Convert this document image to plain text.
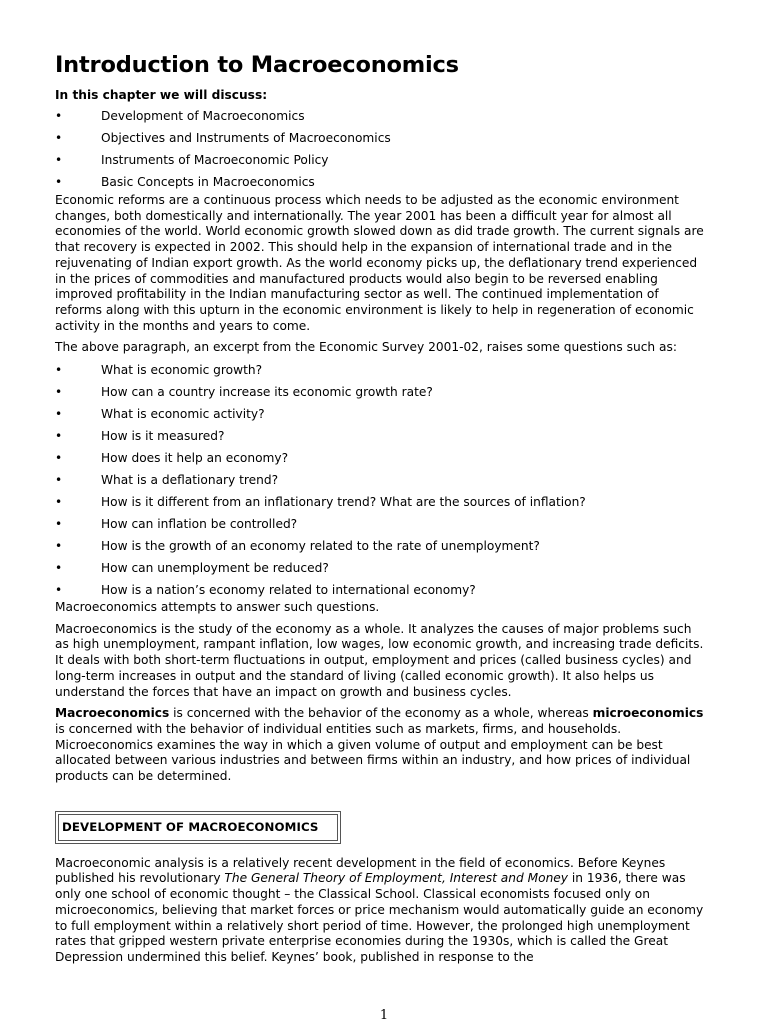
Introduction to Macroeconomics
In this chapter we will discuss:
•	Development of Macroeconomics
•	Objectives and Instruments of Macroeconomics
•	Instruments of Macroeconomic Policy
•	Basic Concepts in Macroeconomics

Economic reforms are a continuous process which needs to be adjusted as the economic environment changes, both domestically and internationally. The year 2001 has been a difficult year for almost all economies of the world. World economic growth slowed down as did trade growth. The current signals are that recovery is expected in 2002. This should help in the expansion of international trade and in the rejuvenating of Indian export growth. As the world economy picks up, the deflationary trend experienced in the prices of commodities and manufactured products would also begin to be reversed enabling improved profitability in the Indian manufacturing sector as well. The continued implementation of reforms along with this upturn in the economic environment is likely to help in regeneration of economic activity in the months and years to come.

The above paragraph, an excerpt from the Economic Survey 2001-02, raises some questions such as:

•	What is economic growth?
•	How can a country increase its economic growth rate?
•	What is economic activity?
•	How is it measured?
•	How does it help an economy?
•	What is a deflationary trend?
•	How is it different from an inflationary trend? What are the sources of inflation?
•	How can inflation be controlled?
•	How is the growth of an economy related to the rate of unemployment?
•	How can unemployment be reduced?
•	How is a nation’s economy related to international economy?

Macroeconomics attempts to answer such questions.

Macroeconomics is the study of the economy as a whole. It analyzes the causes of major problems such as high unemployment, rampant inflation, low wages, low economic growth, and increasing trade deficits. It deals with both short-term fluctuations in output, employment and prices (called business cycles) and long-term increases in output and the standard of living (called economic growth). It also helps us understand the forces that have an impact on growth and business cycles.

Macroeconomics is concerned with the behavior of the economy as a whole, whereas microeconomics is concerned with the behavior of individual entities such as markets, firms, and households. Microeconomics examines the way in which a given volume of output and employment can be best allocated between various industries and between firms within an industry, and how prices of individual products can be determined.

DEVELOPMENT OF MACROECONOMICS

Macroeconomic analysis is a relatively recent development in the field of economics. Before Keynes published his revolutionary The General Theory of Employment, Interest and Money in 1936, there was only one school of economic thought – the Classical School. Classical economists focused only on microeconomics, believing that market forces or price mechanism would automatically guide an economy to full employment within a relatively short period of time. However, the prolonged high unemployment rates that gripped western private enterprise economies during the 1930s, which is called the Great Depression undermined this belief. Keynes’ book, published in response to the

1
